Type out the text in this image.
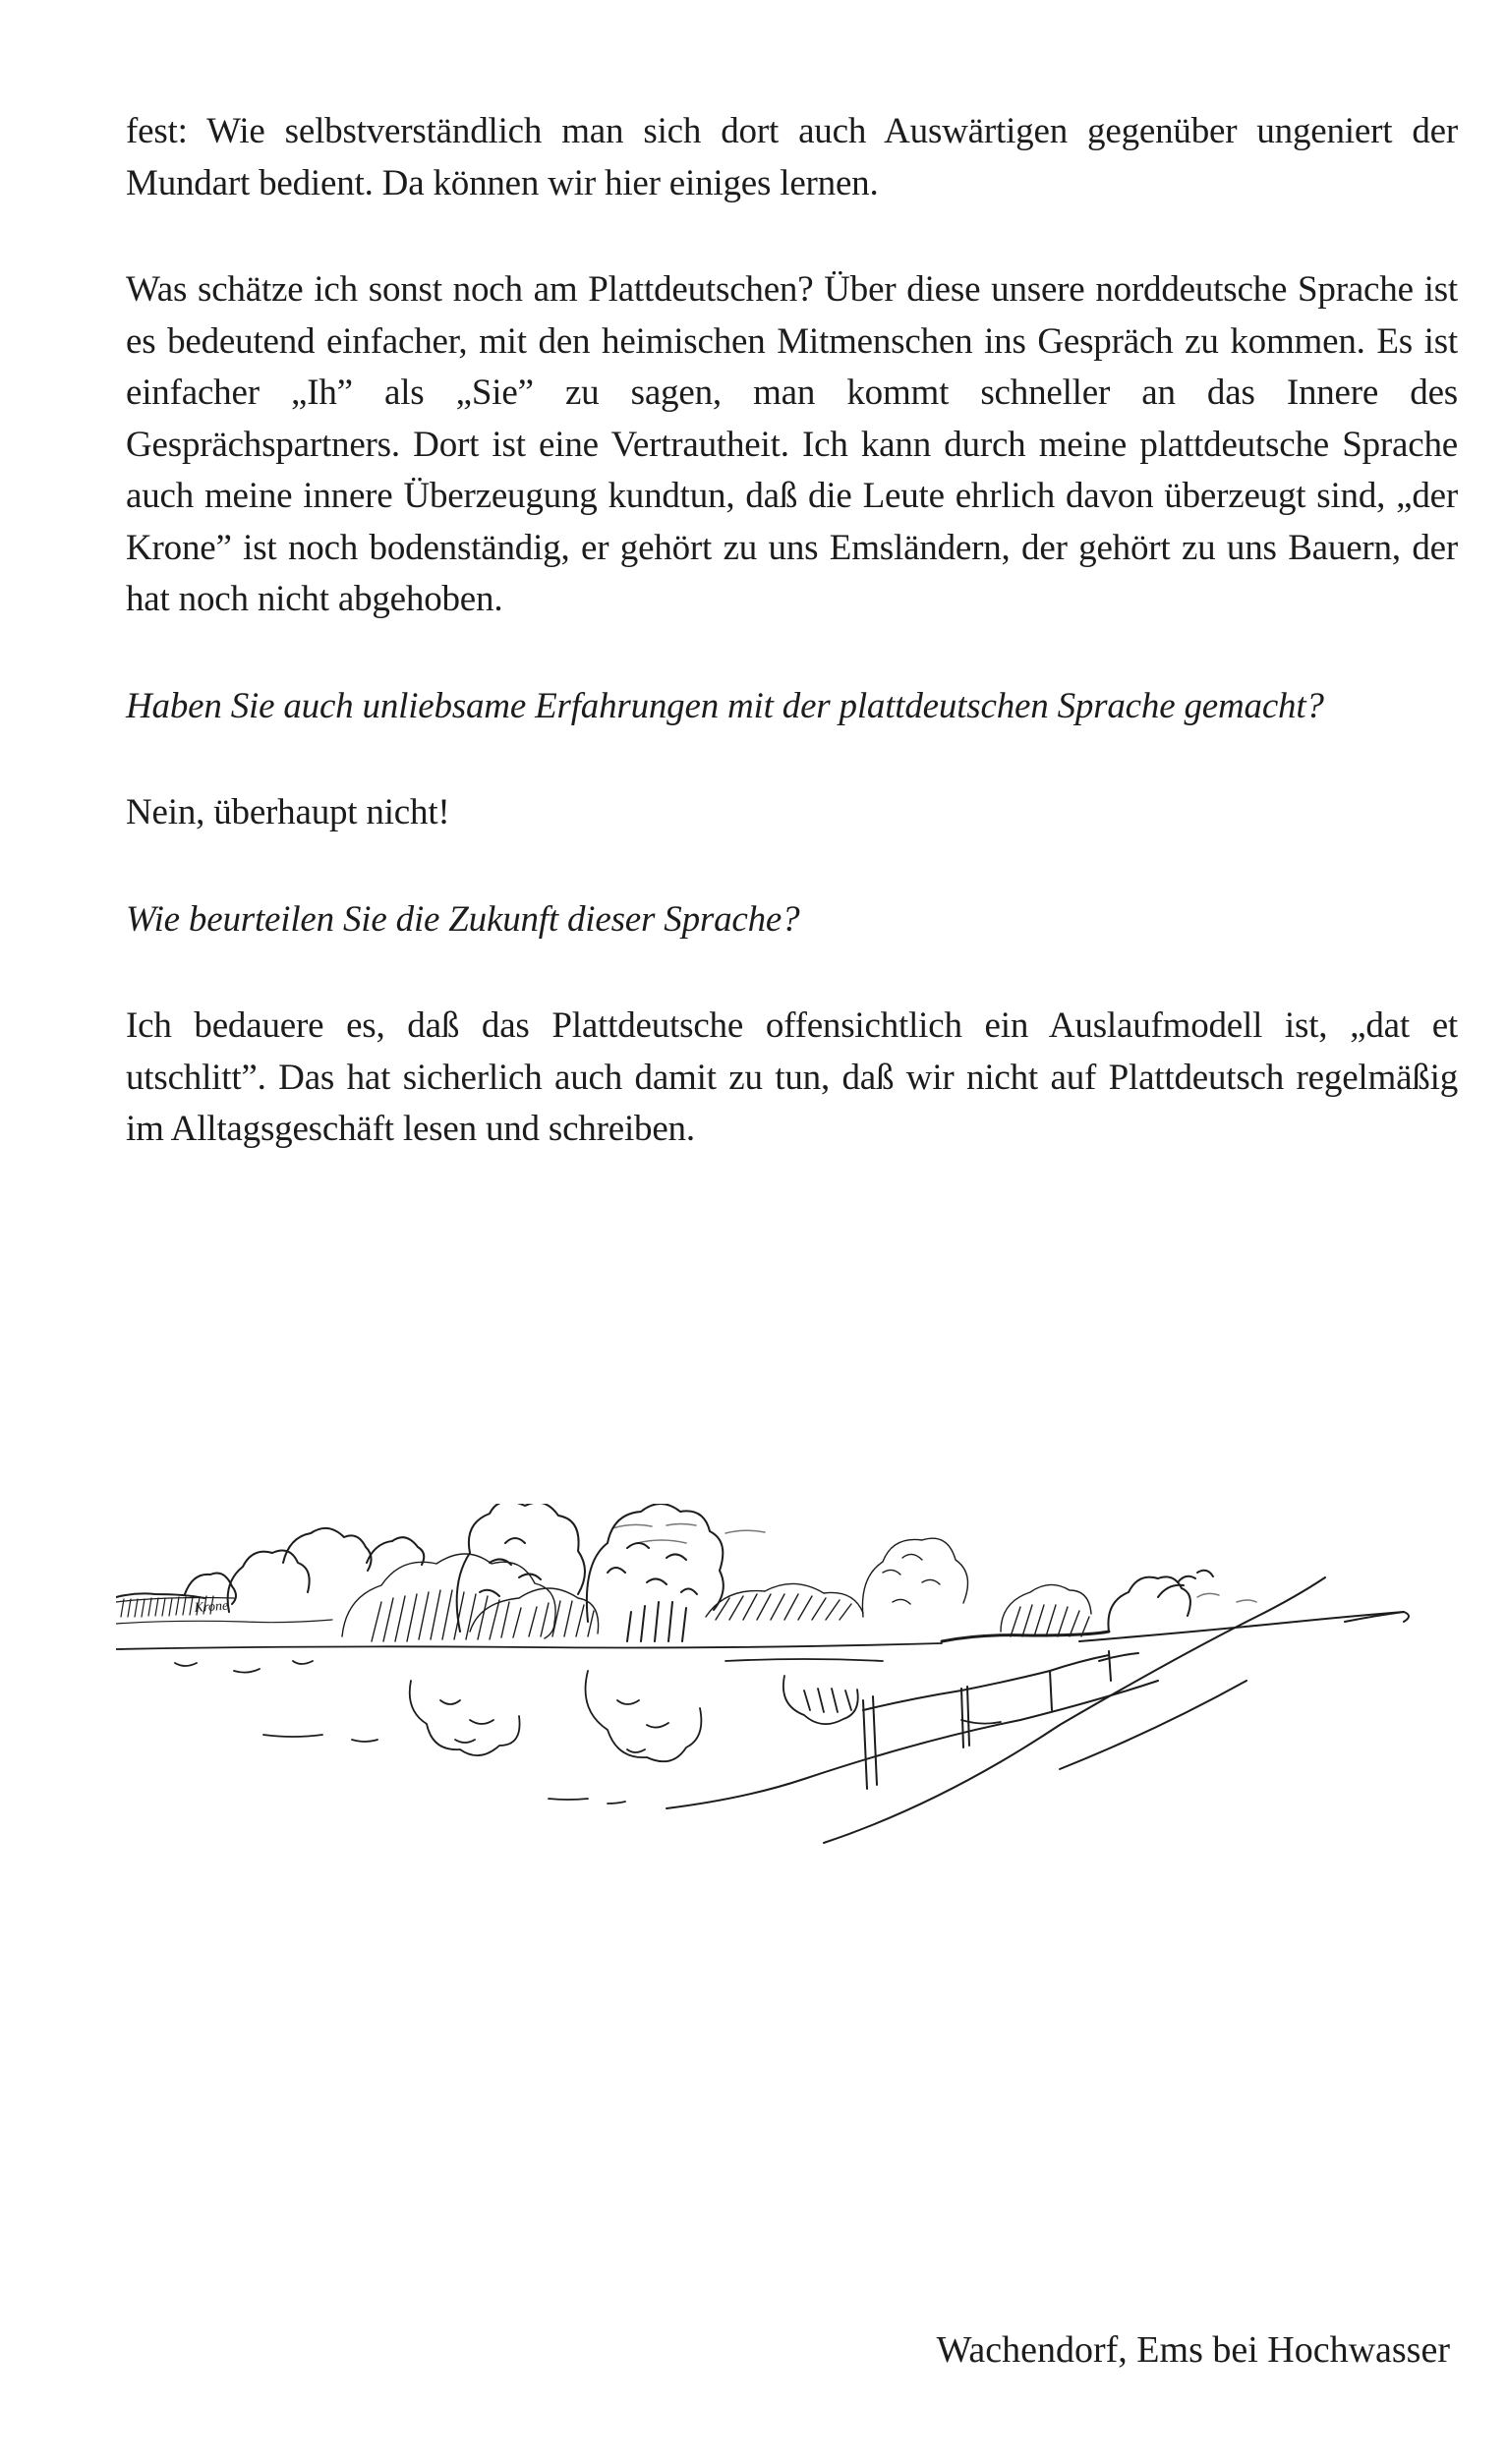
fest: Wie selbstverständlich man sich dort auch Auswärtigen gegenüber ungeniert der Mundart bedient. Da können wir hier einiges lernen.

Was schätze ich sonst noch am Plattdeutschen? Über diese unsere norddeutsche Sprache ist es bedeutend einfacher, mit den heimischen Mitmenschen ins Gespräch zu kommen. Es ist einfacher „Ih” als „Sie” zu sagen, man kommt schneller an das Innere des Gesprächspartners. Dort ist eine Vertrautheit. Ich kann durch meine plattdeutsche Sprache auch meine innere Überzeugung kundtun, daß die Leute ehrlich davon überzeugt sind, „der Krone” ist noch bodenständig, er gehört zu uns Emsländern, der gehört zu uns Bauern, der hat noch nicht abgehoben.

Haben Sie auch unliebsame Erfahrungen mit der plattdeutschen Sprache gemacht?

Nein, überhaupt nicht!

Wie beurteilen Sie die Zukunft dieser Sprache?

Ich bedauere es, daß das Plattdeutsche offensichtlich ein Auslaufmodell ist, „dat et utschlitt”. Das hat sicherlich auch damit zu tun, daß wir nicht auf Plattdeutsch regelmäßig im Alltagsgeschäft lesen und schreiben.

Krone
Wachendorf, Ems bei Hochwasser
